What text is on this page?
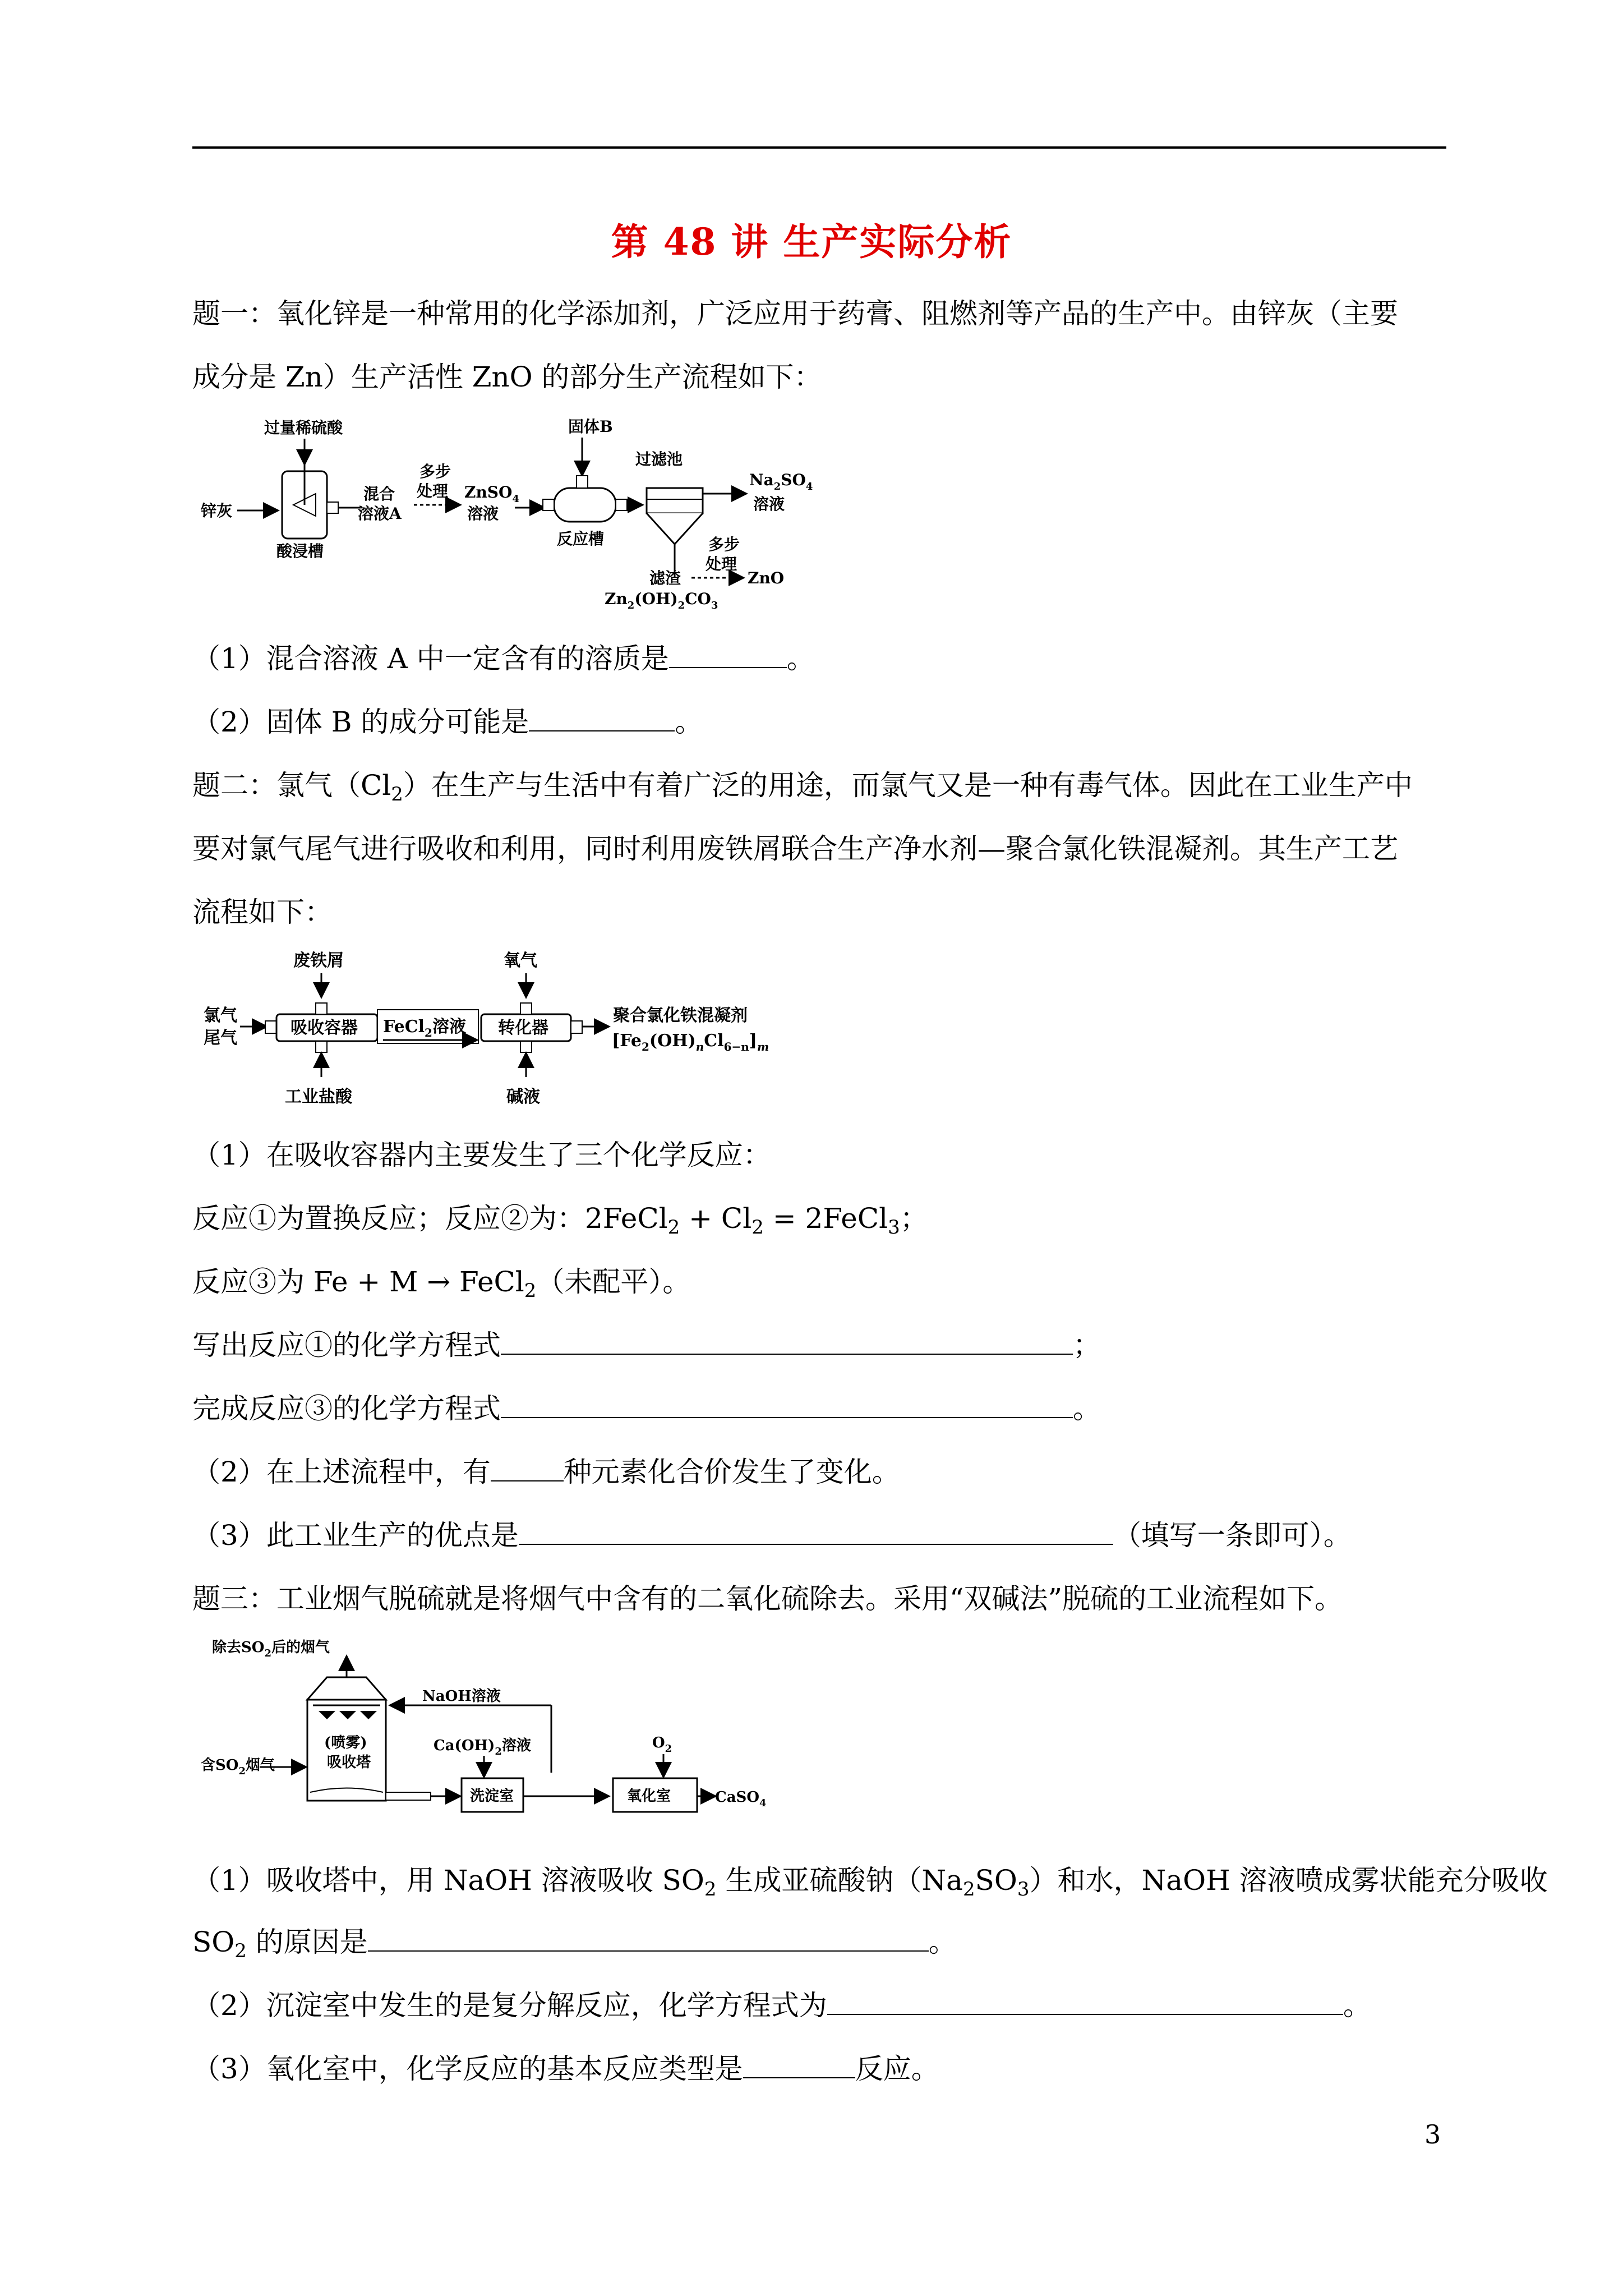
第 48 讲 生产实际分析
题一：氧化锌是一种常用的化学添加剂，广泛应用于药膏、阻燃剂等产品的生产中。由锌灰（主要
成分是 Zn）生产活性 ZnO 的部分生产流程如下：
过量稀硫酸
锌灰
酸浸槽
混合
溶液A
多步
处理 ZnSO$_4$
溶液
固体B
反应槽
过滤池
$Na_2SO_4$
溶液
多步
处理
滤渣	ZnO
$Zn_2(OH)_2CO_3$
（1）混合溶液 A 中一定含有的溶质是	。
（2）固体 B 的成分可能是	。
题二：氯气$(Cl_2)$在生产与生活中有着广泛的用途，而氯气又是一种有毒气体。因此在工业生产中
要对氯气尾气进行吸收和利用，同时利用废铁屑联合生产净水剂—聚合氯化铁混凝剂。其生产工艺
流程如下：
废铁屑	氧气
氯气
尾气
吸收容器 FeCl$_2$溶液 转化器
聚合氯化铁混凝剂
$[Fe_2(OH)_nCl_{6-n}]_m$
工业盐酸	碱液
（1）在吸收容器内主要发生了三个化学反应：
反应①为置换反应；反应②为：2FeCl$_2$ + $Cl_2$ = 2FeCl$_3$；
反应③为 Fe + M → FeCl$_2$（未配平）。
写出反应①的化学方程式	；
完成反应③的化学方程式	。
（2）在上述流程中，有	种元素化合价发生了变化。
（3）此工业生产的优点是	（填写一条即可）。
题三：工业烟气脱硫就是将烟气中含有的二氧化硫除去。采用“双碱法”脱硫的工业流程如下。
除去$SO_2$后的烟气
(喷雾)
吸收塔
NaOH溶液
$Ca(OH)_2$溶液
含$SO_2$烟气
洗淀室
$O_2$
氧化室	CaSO$_4$
（1）吸收塔中，用 NaOH 溶液吸收 $SO_2$ 生成亚硫酸钠$(Na_2SO_3)$和水，NaOH 溶液喷成雾状能充分吸收
$SO_2$ 的原因是	。
（2）沉淀室中发生的是复分解反应，化学方程式为	。
（3）氧化室中，化学反应的基本反应类型是	反应。
3
